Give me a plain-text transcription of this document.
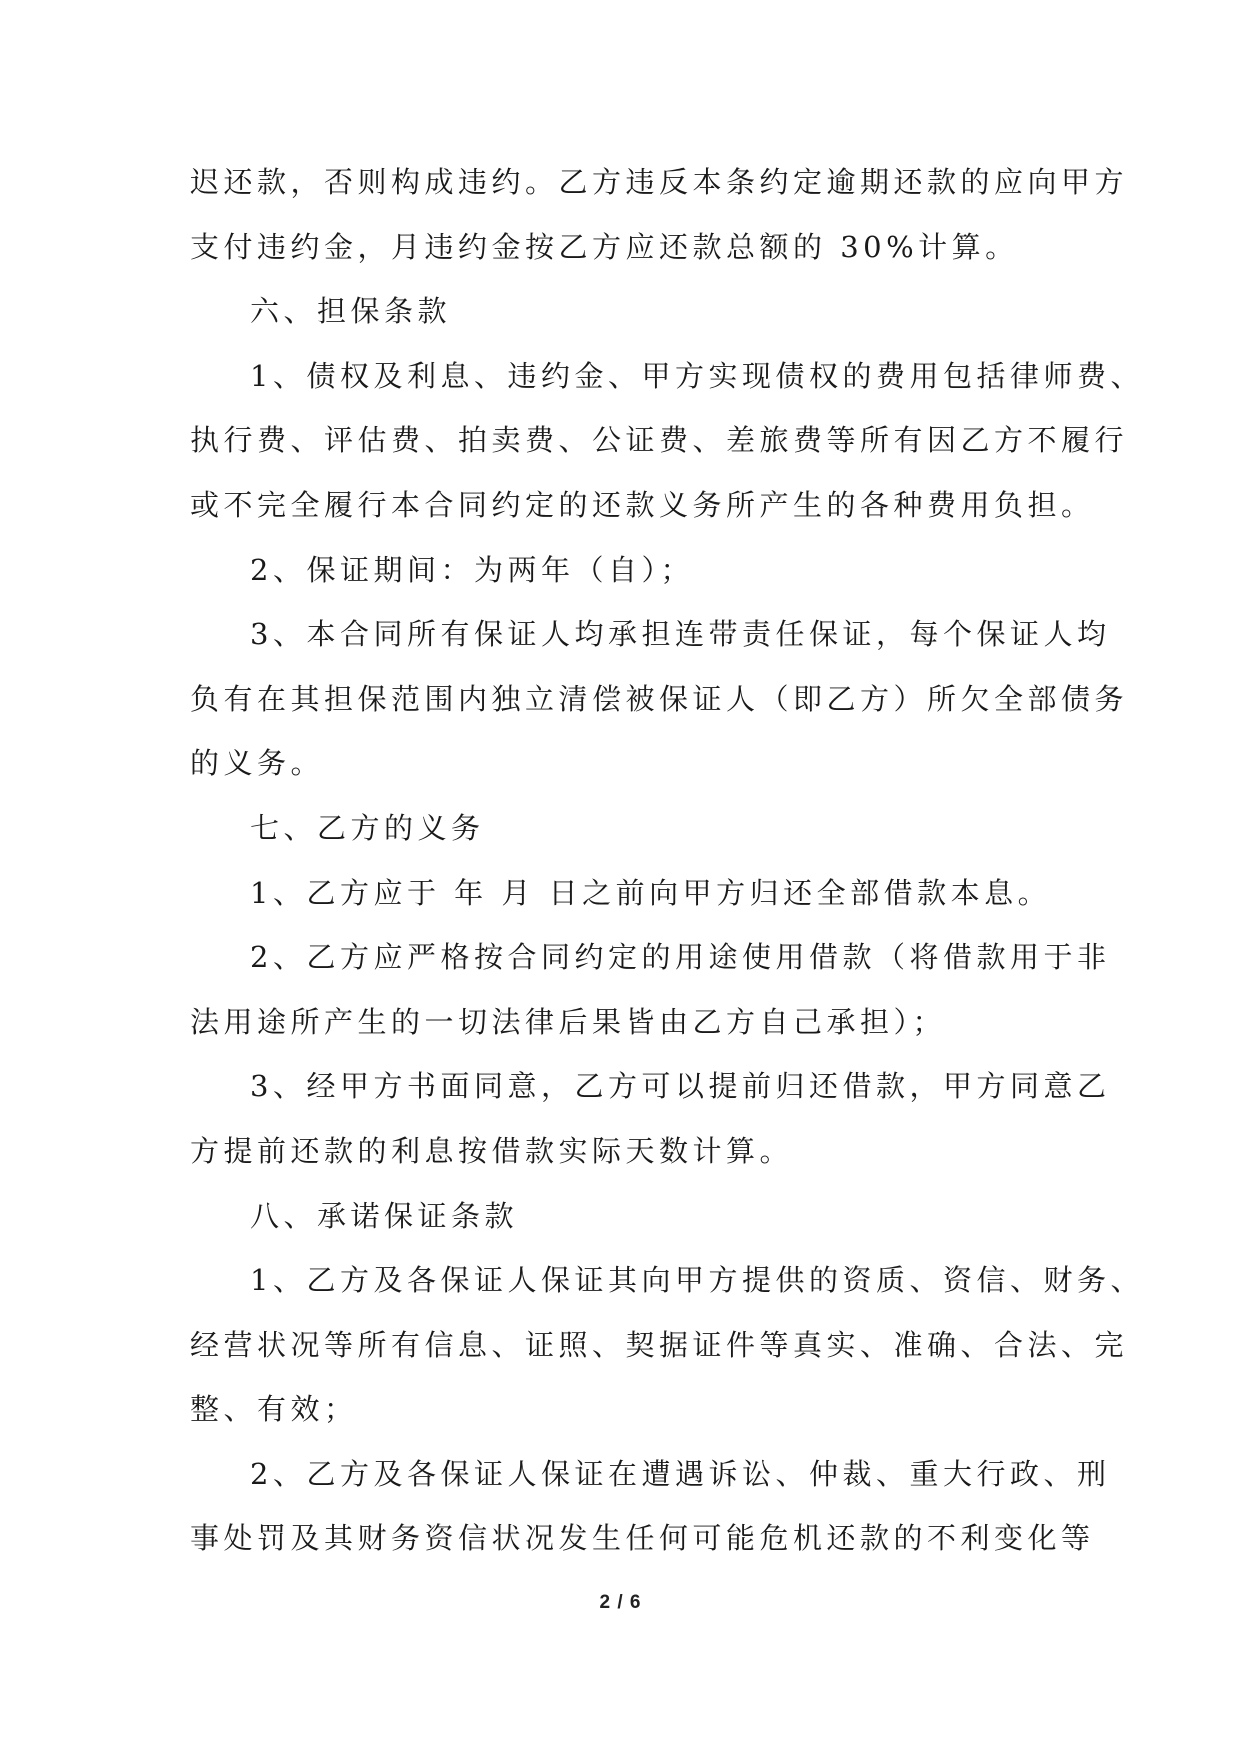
迟还款，否则构成违约。乙方违反本条约定逾期还款的应向甲方
支付违约金，月违约金按乙方应还款总额的 30%计算。
六、担保条款
1、债权及利息、违约金、甲方实现债权的费用包括律师费、
执行费、评估费、拍卖费、公证费、差旅费等所有因乙方不履行
或不完全履行本合同约定的还款义务所产生的各种费用负担。
2、保证期间：为两年（自）；
3、本合同所有保证人均承担连带责任保证，每个保证人均
负有在其担保范围内独立清偿被保证人（即乙方）所欠全部债务
的义务。
七、乙方的义务
1、乙方应于 年 月 日之前向甲方归还全部借款本息。
2、乙方应严格按合同约定的用途使用借款（将借款用于非
法用途所产生的一切法律后果皆由乙方自己承担）；
3、经甲方书面同意，乙方可以提前归还借款，甲方同意乙
方提前还款的利息按借款实际天数计算。
八、承诺保证条款
1、乙方及各保证人保证其向甲方提供的资质、资信、财务、
经营状况等所有信息、证照、契据证件等真实、准确、合法、完
整、有效；
2、乙方及各保证人保证在遭遇诉讼、仲裁、重大行政、刑
事处罚及其财务资信状况发生任何可能危机还款的不利变化等
2 / 6
